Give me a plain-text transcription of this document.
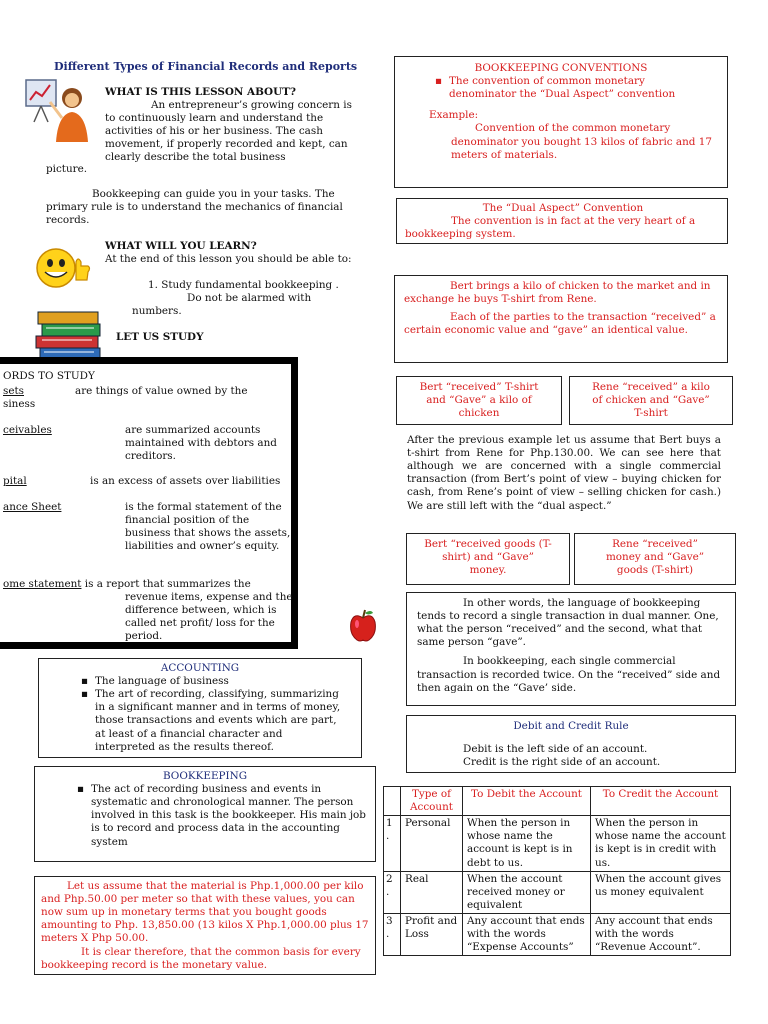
Different Types of Financial Records and Reports
WHAT IS THIS LESSON ABOUT?
An entrepreneur’s growing concern is to continuously learn and understand the activities of his or her business. The cash movement, if properly recorded and kept, can clearly describe the total business
picture.
Bookkeeping can guide you in your tasks. The primary rule is to understand the mechanics of financial records.
WHAT WILL YOU LEARN?
At the end of this lesson you should be able to:
1. Study fundamental bookkeeping .
Do not be alarmed with
numbers.
LET US STUDY
ORDS TO STUDY
sets	are things of value owned by the
siness
ceivables	are summarized accounts maintained with debtors and creditors.
pital	is an excess of assets over liabilities
ance Sheet	is the formal statement of the financial position of the business that shows the assets, liabilities and owner’s equity.
ome statement is a report that summarizes the
revenue items, expense and the difference between, which is called net profit/ loss for the period.
ACCOUNTING
▪ The language of business
▪ The art of recording, classifying, summarizing in a significant manner and in terms of money, those transactions and events which are part, at least of a financial character and interpreted as the results thereof.
BOOKKEEPING
▪ The act of recording business and events in systematic and chronological manner. The person involved in this task is the bookkeeper. His main job is to record and process data in the accounting system
Let us assume that the material is Php.1,000.00 per kilo and Php.50.00 per meter so that with these values, you can now sum up in monetary terms that you bought goods amounting to Php. 13,850.00 (13 kilos X Php.1,000.00 plus 17 meters X Php 50.00.
It is clear therefore, that the common basis for every bookkeeping record is the monetary value.
BOOKKEEPING CONVENTIONS
▪ The convention of common monetary denominator the “Dual Aspect” convention
Example:
Convention of the common monetary denominator you bought 13 kilos of fabric and 17 meters of materials.
The “Dual Aspect” Convention
The convention is in fact at the very heart of a bookkeeping system.
Bert brings a kilo of chicken to the market and in exchange he buys T-shirt from Rene.
Each of the parties to the transaction “received” a certain economic value and “gave” an identical value.
Bert “received” T-shirt and “Gave” a kilo of chicken
Rene “received” a kilo of chicken and “Gave” T-shirt
After the previous example let us assume that Bert buys a t-shirt from Rene for Php.130.00. We can see here that although we are concerned with a single commercial transaction (from Bert’s point of view – buying chicken for cash, from Rene’s point of view – selling chicken for cash.) We are still left with the “dual aspect.”
Bert “received goods (T-shirt) and “Gave” money.
Rene “received” money and “Gave” goods (T-shirt)
In other words, the language of bookkeeping tends to record a single transaction in dual manner. One, what the person “received” and the second, what that same person “gave”.
In bookkeeping, each single commercial transaction is recorded twice. On the “received” side and then again on the “Gave’ side.
Debit and Credit Rule
Debit is the left side of an account.
Credit is the right side of an account.
	Type of Account	To Debit the Account	To Credit the Account
1 .	Personal	When the person in whose name the account is kept is in debt to us.	When the person in whose name the account is kept is in credit with us.
2 .	Real	When the account received money or equivalent	When the account gives us money equivalent
3 .	Profit and Loss	Any account that ends with the words “Expense Accounts”	Any account that ends with the words “Revenue Account”.
